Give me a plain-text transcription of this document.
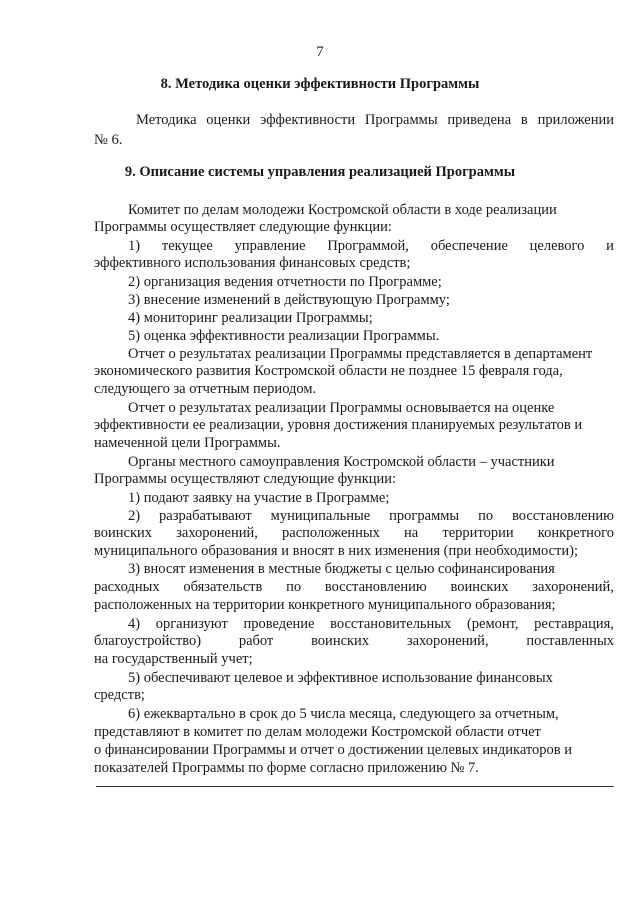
7
8. Методика оценки эффективности Программы
Методика оценки эффективности Программы приведена в приложении
№ 6.
9. Описание системы управления реализацией Программы
Комитет по делам молодежи Костромской области в ходе реализации
Программы осуществляет следующие функции:
1) текущее управление Программой, обеспечение целевого и
эффективного использования финансовых средств;
2) организация ведения отчетности по Программе;
3) внесение изменений в действующую Программу;
4) мониторинг реализации Программы;
5) оценка эффективности реализации Программы.
Отчет о результатах реализации Программы представляется в департамент
экономического развития Костромской области не позднее 15 февраля года,
следующего за отчетным периодом.
Отчет о результатах реализации Программы основывается на оценке
эффективности ее реализации, уровня достижения планируемых результатов и
намеченной цели Программы.
Органы местного самоуправления Костромской области – участники
Программы осуществляют следующие функции:
1) подают заявку на участие в Программе;
2) разрабатывают муниципальные программы по восстановлению
воинских захоронений, расположенных на территории конкретного
муниципального образования и вносят в них изменения (при необходимости);
3) вносят изменения в местные бюджеты с целью софинансирования
расходных обязательств по восстановлению воинских захоронений,
расположенных на территории конкретного муниципального образования;
4) организуют проведение восстановительных (ремонт, реставрация,
благоустройство)	работ	воинских	захоронений,	поставленных
на государственный учет;
5) обеспечивают целевое и эффективное использование финансовых
средств;
6) ежеквартально в срок до 5 числа месяца, следующего за отчетным,
представляют в комитет по делам молодежи Костромской области отчет
о финансировании Программы и отчет о достижении целевых индикаторов и
показателей Программы по форме согласно приложению № 7.
